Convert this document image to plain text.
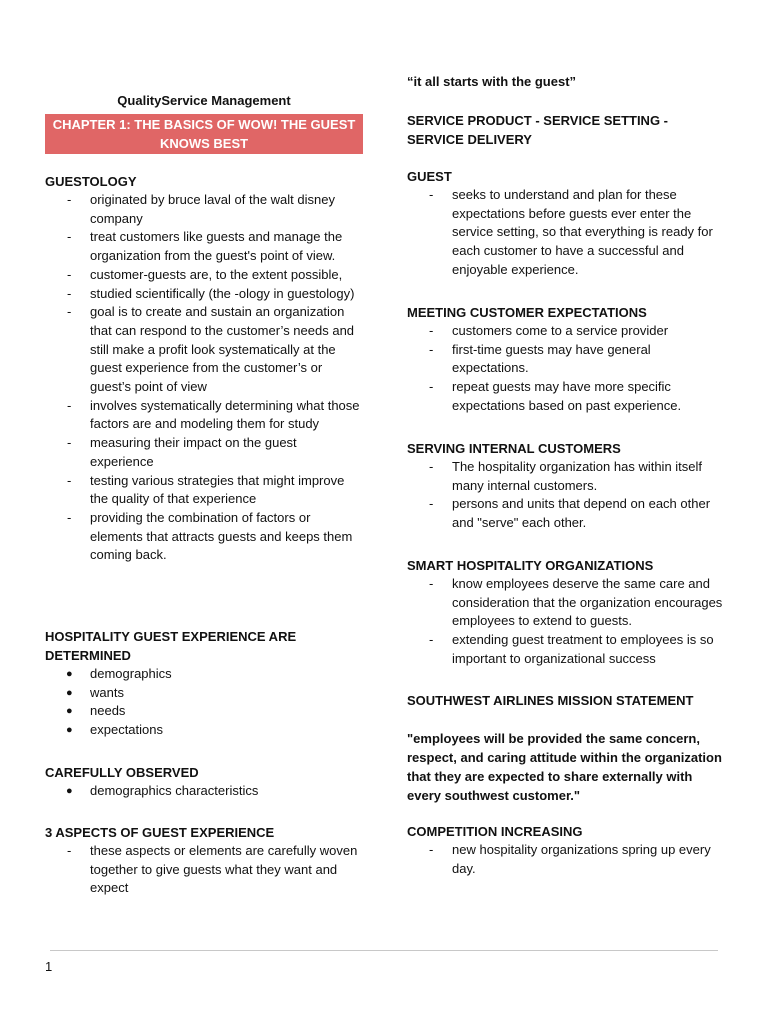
QualityService Management
CHAPTER 1: THE BASICS OF WOW! THE GUEST KNOWS BEST

GUESTOLOGY

- originated by bruce laval of the walt disney company
- treat customers like guests and manage the organization from the guest's point of view.
- customer-guests are, to the extent possible,
- studied scientifically (the -ology in guestology)
- goal is to create and sustain an organization that can respond to the customer’s needs and still make a profit look systematically at the guest experience from the customer’s or guest’s point of view
- involves systematically determining what those factors are and modeling them for study
- measuring their impact on the guest experience
- testing various strategies that might improve the quality of that experience
- providing the combination of factors or elements that attracts guests and keeps them coming back.

HOSPITALITY GUEST EXPERIENCE ARE DETERMINED

● demographics
● wants
● needs
● expectations

CAREFULLY OBSERVED

● demographics characteristics

3 ASPECTS OF GUEST EXPERIENCE

- these aspects or elements are carefully woven together to give guests what they want and expect

“it all starts with the guest”

SERVICE PRODUCT - SERVICE SETTING - SERVICE DELIVERY

GUEST

- seeks to understand and plan for these expectations before guests ever enter the service setting, so that everything is ready for each customer to have a successful and enjoyable experience.

MEETING CUSTOMER EXPECTATIONS

- customers come to a service provider
- first-time guests may have general expectations.
- repeat guests may have more specific expectations based on past experience.

SERVING INTERNAL CUSTOMERS

- The hospitality organization has within itself many internal customers.
- persons and units that depend on each other and "serve" each other.

SMART HOSPITALITY ORGANIZATIONS

- know employees deserve the same care and consideration that the organization encourages employees to extend to guests.
- extending guest treatment to employees is so important to organizational success

SOUTHWEST AIRLINES MISSION STATEMENT

"employees will be provided the same concern, respect, and caring attitude within the organization that they are expected to share externally with every southwest customer."

COMPETITION INCREASING

- new hospitality organizations spring up every day.
1
